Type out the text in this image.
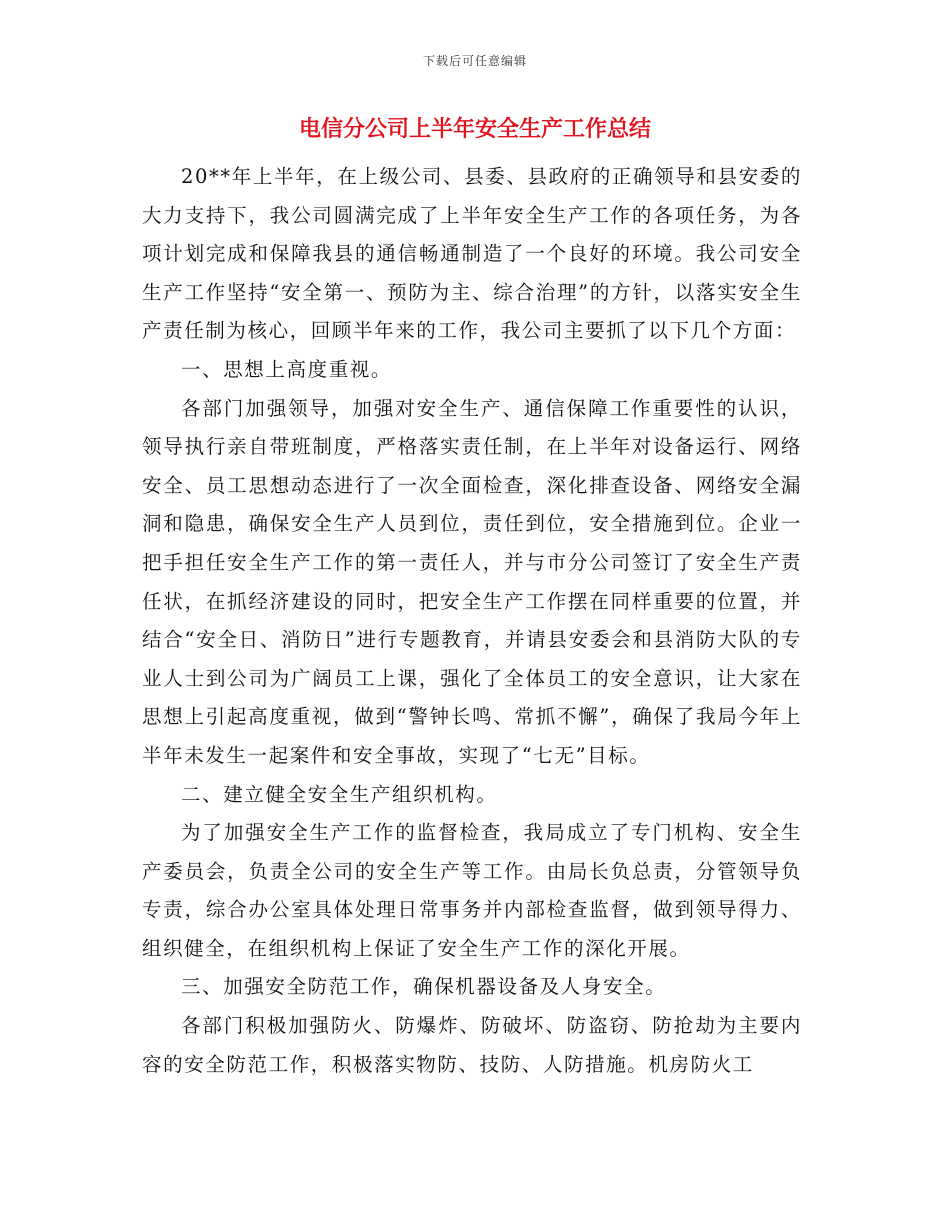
下载后可任意编辑
电信分公司上半年安全生产工作总结

20**年上半年，在上级公司、县委、县政府的正确领导和县安委的大力支持下，我公司圆满完成了上半年安全生产工作的各项任务，为各项计划完成和保障我县的通信畅通制造了一个良好的环境。我公司安全生产工作坚持“安全第一、预防为主、综合治理”的方针，以落实安全生产责任制为核心，回顾半年来的工作，我公司主要抓了以下几个方面：

一、思想上高度重视。

各部门加强领导，加强对安全生产、通信保障工作重要性的认识，领导执行亲自带班制度，严格落实责任制，在上半年对设备运行、网络安全、员工思想动态进行了一次全面检查，深化排查设备、网络安全漏洞和隐患，确保安全生产人员到位，责任到位，安全措施到位。企业一把手担任安全生产工作的第一责任人，并与市分公司签订了安全生产责任状，在抓经济建设的同时，把安全生产工作摆在同样重要的位置，并结合“安全日、消防日”进行专题教育，并请县安委会和县消防大队的专业人士到公司为广阔员工上课，强化了全体员工的安全意识，让大家在思想上引起高度重视，做到“警钟长鸣、常抓不懈”，确保了我局今年上半年未发生一起案件和安全事故，实现了“七无”目标。

二、建立健全安全生产组织机构。

为了加强安全生产工作的监督检查，我局成立了专门机构、安全生产委员会，负责全公司的安全生产等工作。由局长负总责，分管领导负专责，综合办公室具体处理日常事务并内部检查监督，做到领导得力、组织健全，在组织机构上保证了安全生产工作的深化开展。

三、加强安全防范工作，确保机器设备及人身安全。

各部门积极加强防火、防爆炸、防破坏、防盗窃、防抢劫为主要内容的安全防范工作，积极落实物防、技防、人防措施。机房防火工
